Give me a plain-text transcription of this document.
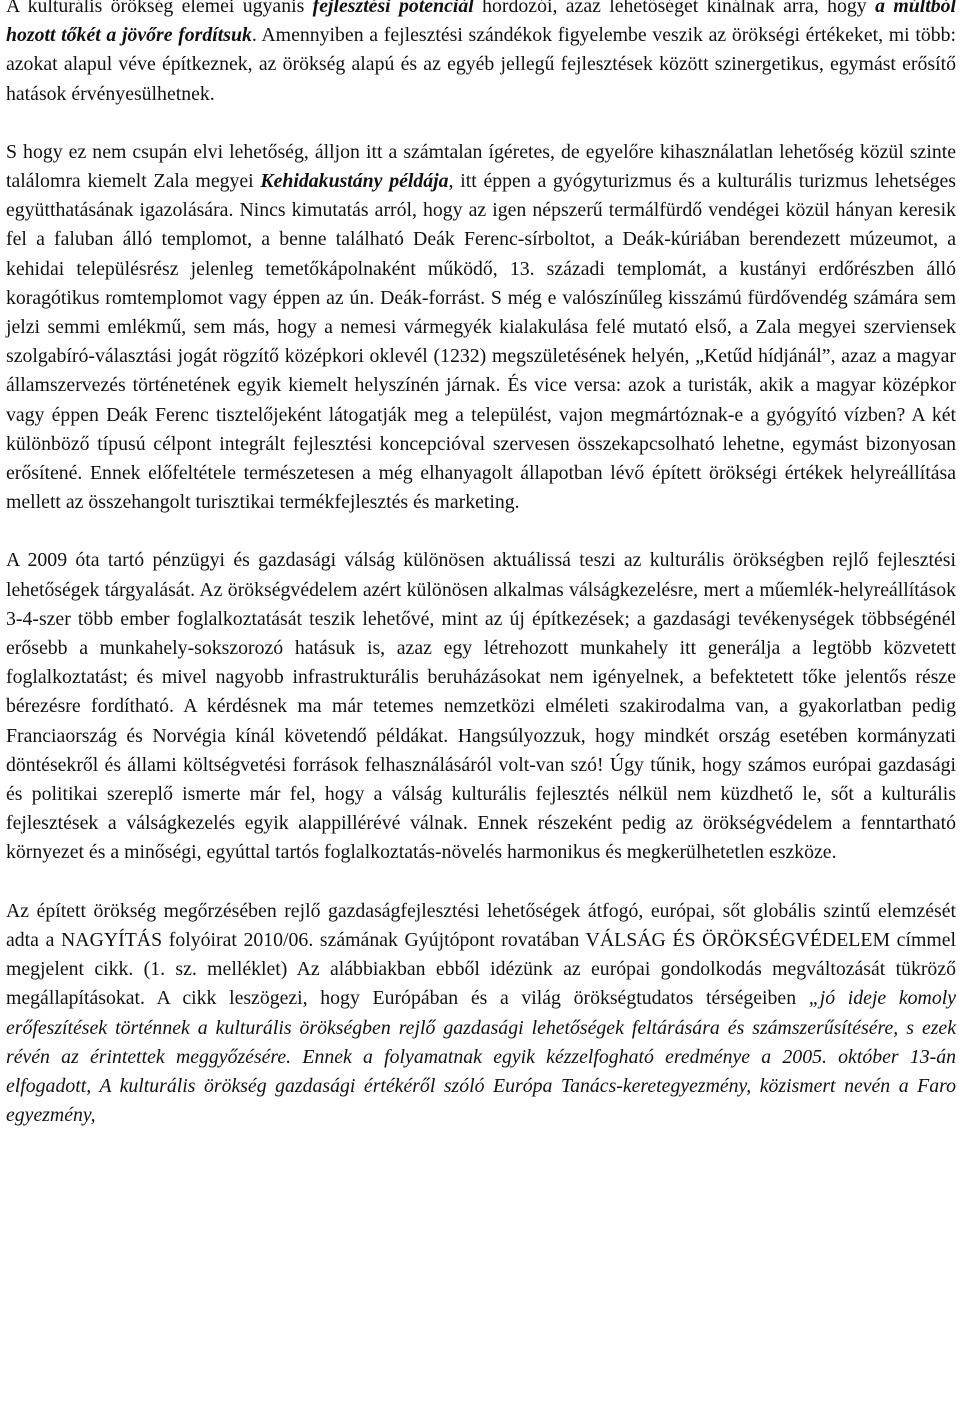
A kulturális örökség elemei ugyanis fejlesztési potenciál hordozói, azaz lehetőséget kínálnak arra, hogy a múltból hozott tőkét a jövőre fordítsuk. Amennyiben a fejlesztési szándékok figyelembe veszik az örökségi értékeket, mi több: azokat alapul véve építkeznek, az örökség alapú és az egyéb jellegű fejlesztések között szinergetikus, egymást erősítő hatások érvényesülhetnek.

S hogy ez nem csupán elvi lehetőség, álljon itt a számtalan ígéretes, de egyelőre kihasználatlan lehetőség közül szinte találomra kiemelt Zala megyei Kehidakustány példája, itt éppen a gyógyturizmus és a kulturális turizmus lehetséges együtthatásának igazolására. Nincs kimutatás arról, hogy az igen népszerű termálfürdő vendégei közül hányan keresik fel a faluban álló templomot, a benne található Deák Ferenc-sírboltot, a Deák-kúriában berendezett múzeumot, a kehidai településrész jelenleg temetőkápolnaként működő, 13. századi templomát, a kustányi erdőrészben álló koragótikus romtemplomot vagy éppen az ún. Deák-forrást. S még e valószínűleg kisszámú fürdővendég számára sem jelzi semmi emlékmű, sem más, hogy a nemesi vármegyék kialakulása felé mutató első, a Zala megyei szerviensek szolgabíró-választási jogát rögzítő középkori oklevél (1232) megszületésének helyén, „Ketűd hídjánál”, azaz a magyar államszervezés történetének egyik kiemelt helyszínén járnak. És vice versa: azok a turisták, akik a magyar középkor vagy éppen Deák Ferenc tisztelőjeként látogatják meg a települést, vajon megmártóznak-e a gyógyító vízben? A két különböző típusú célpont integrált fejlesztési koncepcióval szervesen összekapcsolható lehetne, egymást bizonyosan erősítené. Ennek előfeltétele természetesen a még elhanyagolt állapotban lévő épített örökségi értékek helyreállítása mellett az összehangolt turisztikai termékfejlesztés és marketing.

A 2009 óta tartó pénzügyi és gazdasági válság különösen aktuálissá teszi az kulturális örökségben rejlő fejlesztési lehetőségek tárgyalását. Az örökségvédelem azért különösen alkalmas válságkezelésre, mert a műemlék-helyreállítások 3-4-szer több ember foglalkoztatását teszik lehetővé, mint az új építkezések; a gazdasági tevékenységek többségénél erősebb a munkahely-sokszorozó hatásuk is, azaz egy létrehozott munkahely itt generálja a legtöbb közvetett foglalkoztatást; és mivel nagyobb infrastrukturális beruházásokat nem igényelnek, a befektetett tőke jelentős része bérezésre fordítható. A kérdésnek ma már tetemes nemzetközi elméleti szakirodalma van, a gyakorlatban pedig Franciaország és Norvégia kínál követendő példákat. Hangsúlyozzuk, hogy mindkét ország esetében kormányzati döntésekről és állami költségvetési források felhasználásáról volt-van szó! Úgy tűnik, hogy számos európai gazdasági és politikai szereplő ismerte már fel, hogy a válság kulturális fejlesztés nélkül nem küzdhető le, sőt a kulturális fejlesztések a válságkezelés egyik alappillérévé válnak. Ennek részeként pedig az örökségvédelem a fenntartható környezet és a minőségi, egyúttal tartós foglalkoztatás-növelés harmonikus és megkerülhetetlen eszköze.

Az épített örökség megőrzésében rejlő gazdaságfejlesztési lehetőségek átfogó, európai, sőt globális szintű elemzését adta a NAGYÍTÁS folyóirat 2010/06. számának Gyújtópont rovatában VÁLSÁG ÉS ÖRÖKSÉGVÉDELEM címmel megjelent cikk. (1. sz. melléklet) Az alábbiakban ebből idézünk az európai gondolkodás megváltozását tükröző megállapításokat. A cikk leszögezi, hogy Európában és a világ örökségtudatos térségeiben „jó ideje komoly erőfeszítések történnek a kulturális örökségben rejlő gazdasági lehetőségek feltárására és számszerűsítésére, s ezek révén az érintettek meggyőzésére. Ennek a folyamatnak egyik kézzelfogható eredménye a 2005. október 13-án elfogadott, A kulturális örökség gazdasági értékéről szóló Európa Tanács-keretegyezmény, közismert nevén a Faro egyezmény,
